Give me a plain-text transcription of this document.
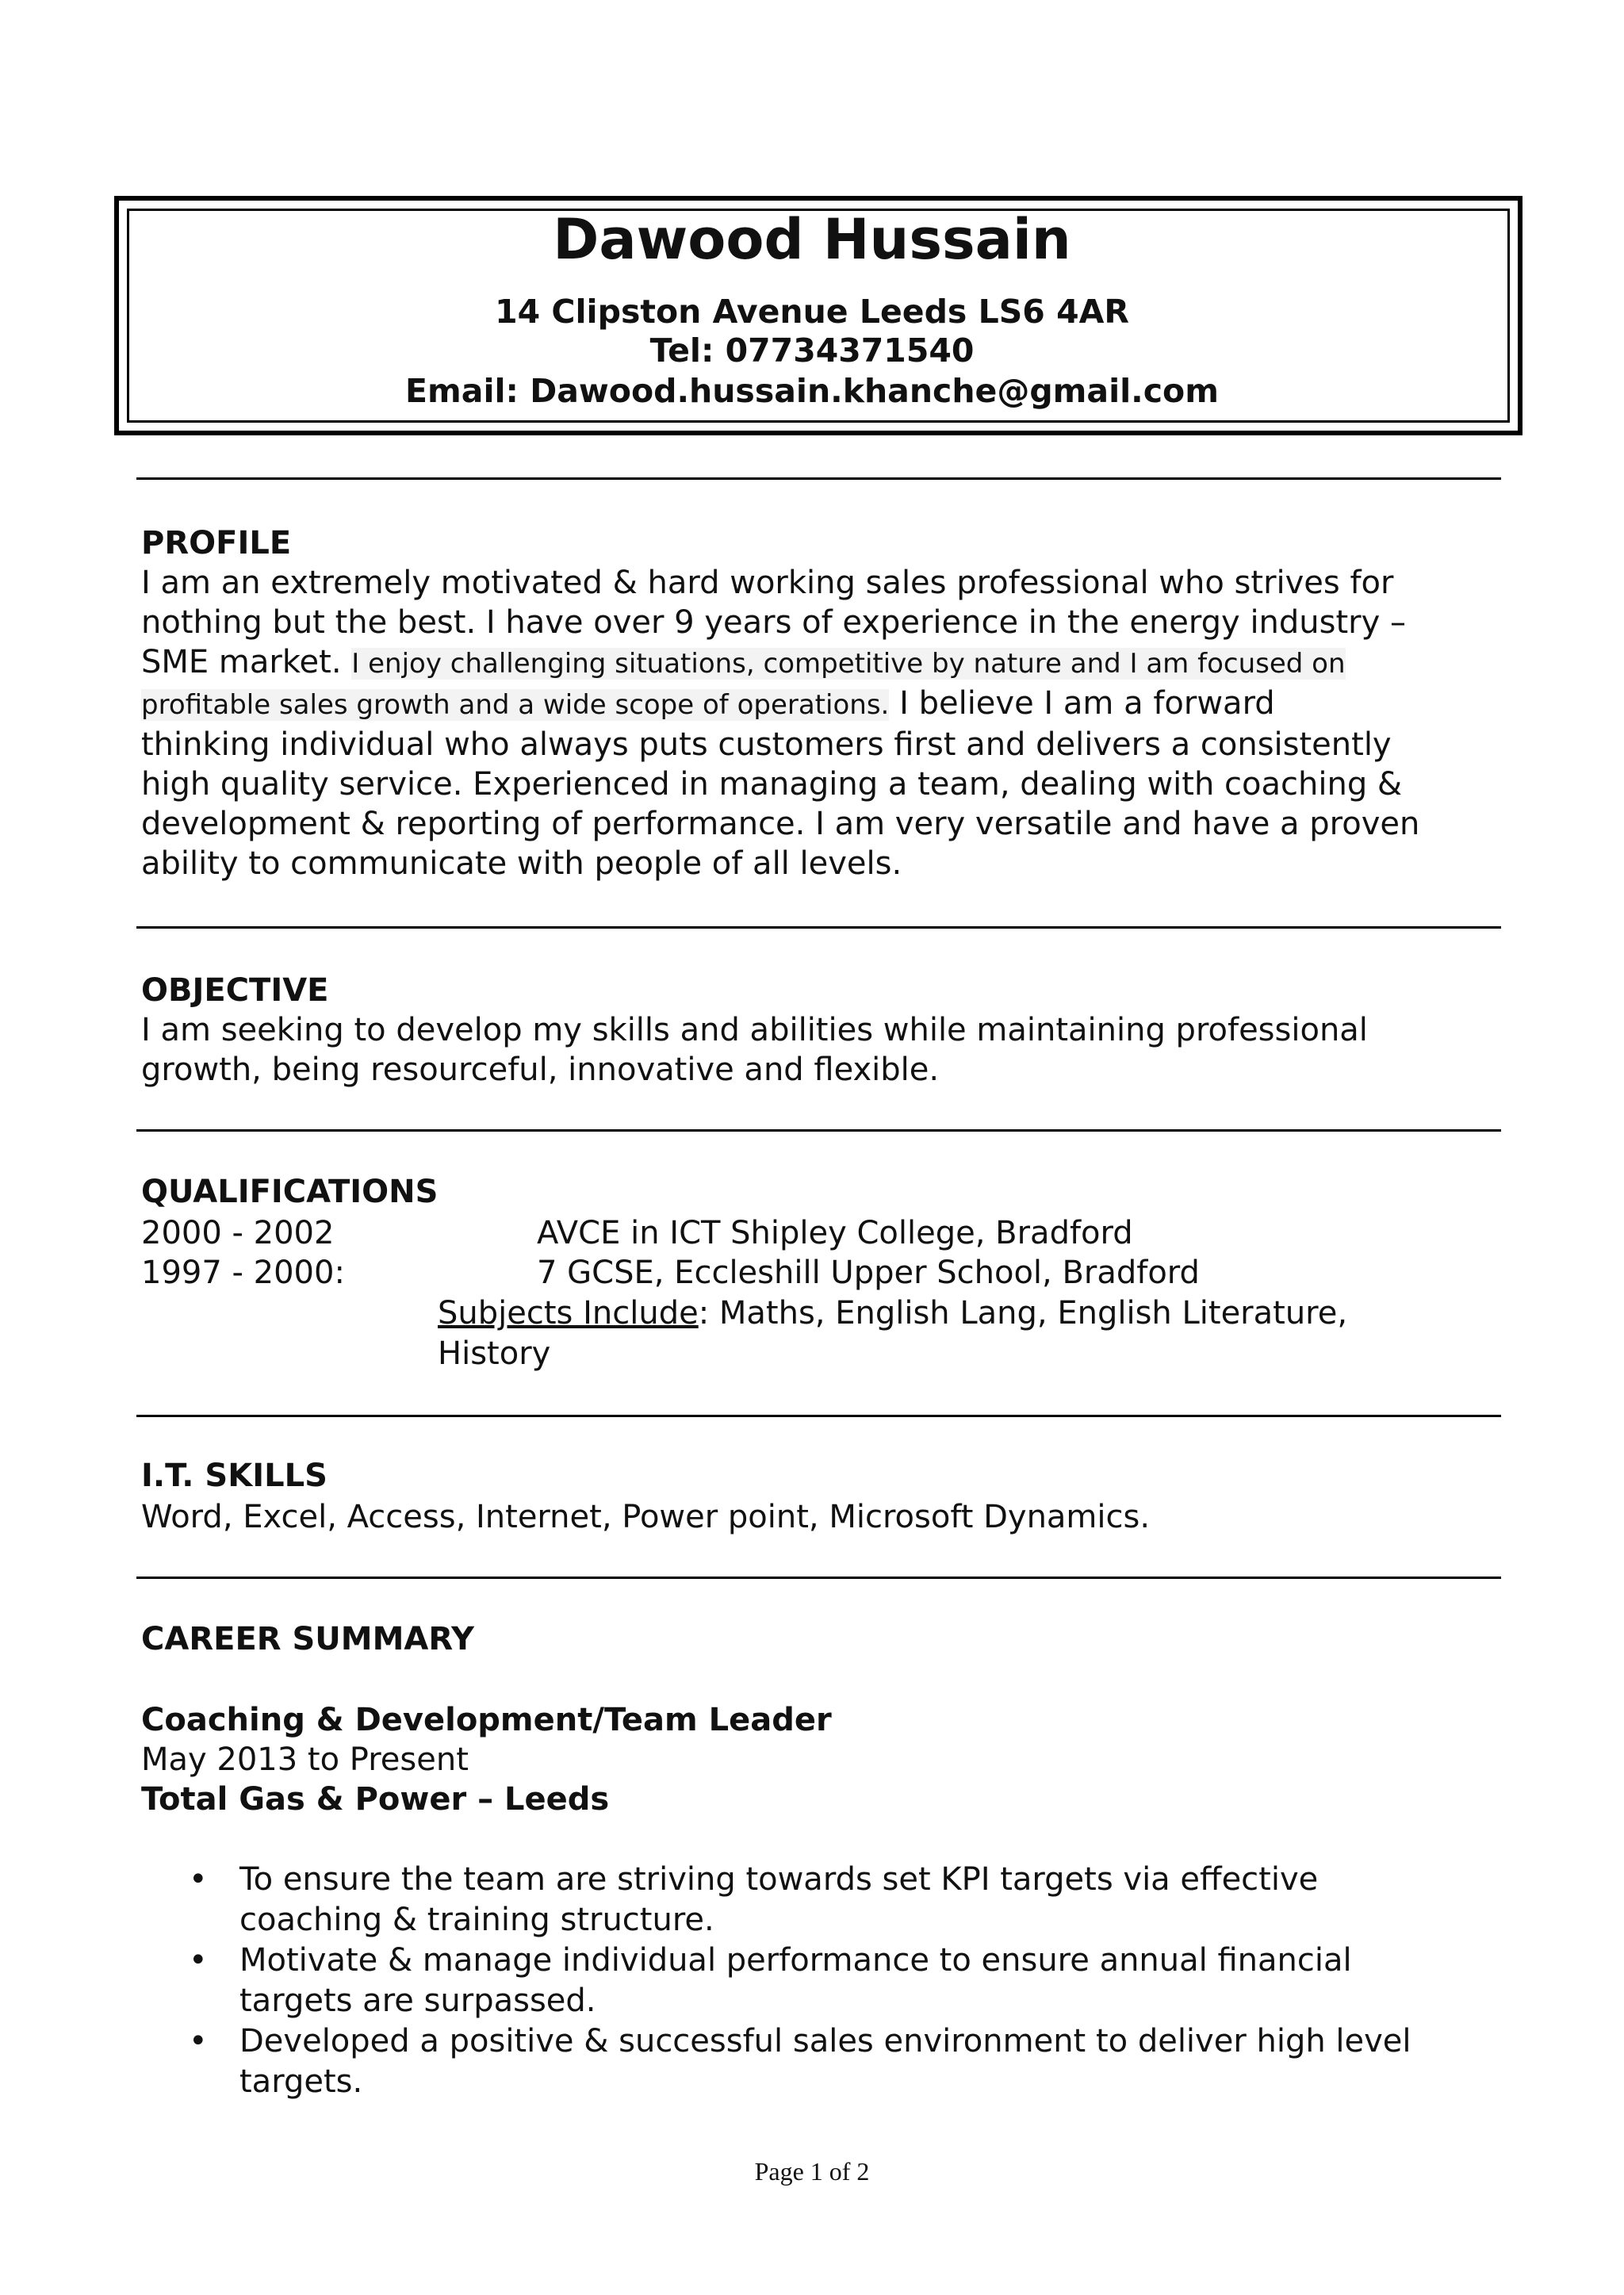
Dawood Hussain
14 Clipston Avenue Leeds LS6 4AR
Tel: 07734371540
Email: Dawood.hussain.khanche@gmail.com
PROFILE
I am an extremely motivated & hard working sales professional who strives for
nothing but the best. I have over 9 years of experience in the energy industry –
SME market. I enjoy challenging situations, competitive by nature and I am focused on
profitable sales growth and a wide scope of operations. I believe I am a forward
thinking individual who always puts customers first and delivers a consistently
high quality service. Experienced in managing a team, dealing with coaching &
development & reporting of performance. I am very versatile and have a proven
ability to communicate with people of all levels.
OBJECTIVE
I am seeking to develop my skills and abilities while maintaining professional
growth, being resourceful, innovative and flexible.
QUALIFICATIONS
2000 - 2002	AVCE in ICT Shipley College, Bradford
1997 - 2000:	7 GCSE, Eccleshill Upper School, Bradford
Subjects Include: Maths, English Lang, English Literature,
History
I.T. SKILLS
Word, Excel, Access, Internet, Power point, Microsoft Dynamics.
CAREER SUMMARY
Coaching & Development/Team Leader
May 2013 to Present
Total Gas & Power – Leeds
• To ensure the team are striving towards set KPI targets via effective
coaching & training structure.
• Motivate & manage individual performance to ensure annual financial
targets are surpassed.
• Developed a positive & successful sales environment to deliver high level
targets.
Page 1 of 2
